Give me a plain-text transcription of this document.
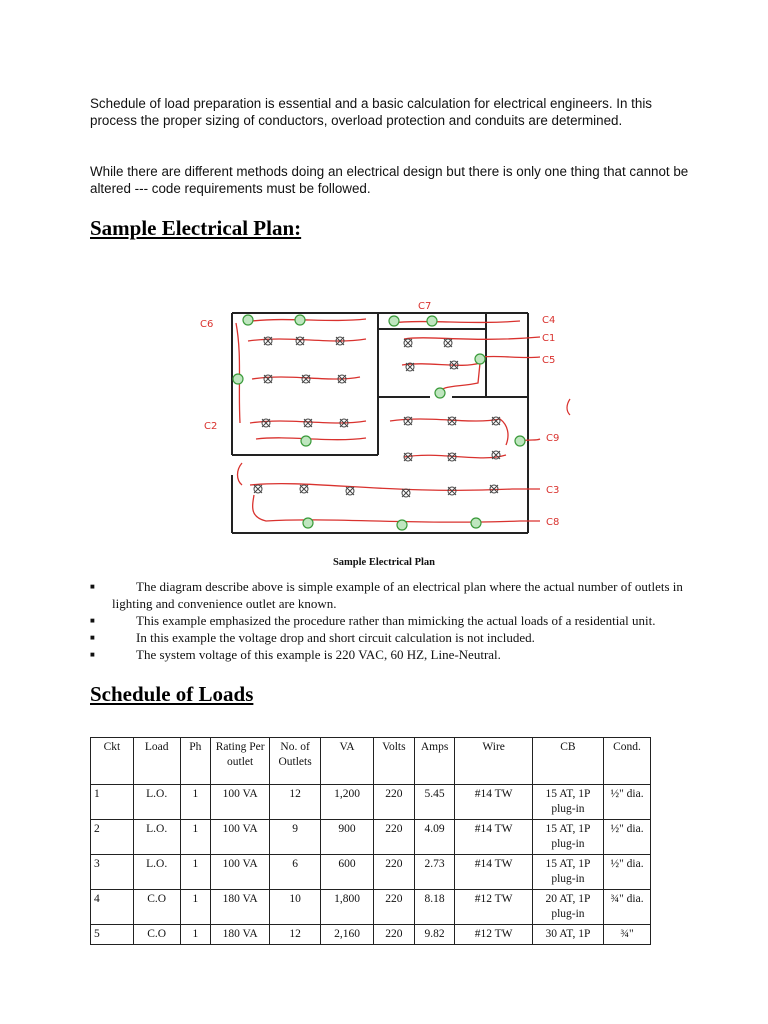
Schedule of load preparation is essential and a basic calculation for electrical engineers. In this process the proper sizing of conductors, overload protection and conduits are determined.

While there are different methods doing an electrical design but there is only one thing that cannot be altered --- code requirements must be followed.

Sample Electrical Plan:
C6
C7
C4
C1
C5
C2
C9
C3
C8
Sample Electrical Plan
■	The diagram describe above is simple example of an electrical plan where the actual number of outlets in lighting and convenience outlet are known.
■	This example emphasized the procedure rather than mimicking the actual loads of a residential unit.
■	In this example the voltage drop and short circuit calculation is not included.
■	The system voltage of this example is 220 VAC, 60 HZ, Line-Neutral.
Schedule of Loads
Ckt	Load	Ph	Rating Per outlet	No. of Outlets	VA	Volts	Amps	Wire	CB	Cond.
1	L.O.	1	100 VA	12	1,200	220	5.45	#14 TW	15 AT, 1P plug-in	½" dia.
2	L.O.	1	100 VA	9	900	220	4.09	#14 TW	15 AT, 1P plug-in	½" dia.
3	L.O.	1	100 VA	6	600	220	2.73	#14 TW	15 AT, 1P plug-in	½" dia.
4	C.O	1	180 VA	10	1,800	220	8.18	#12 TW	20 AT, 1P plug-in	¾" dia.
5	C.O	1	180 VA	12	2,160	220	9.82	#12 TW	30 AT, 1P	¾"
